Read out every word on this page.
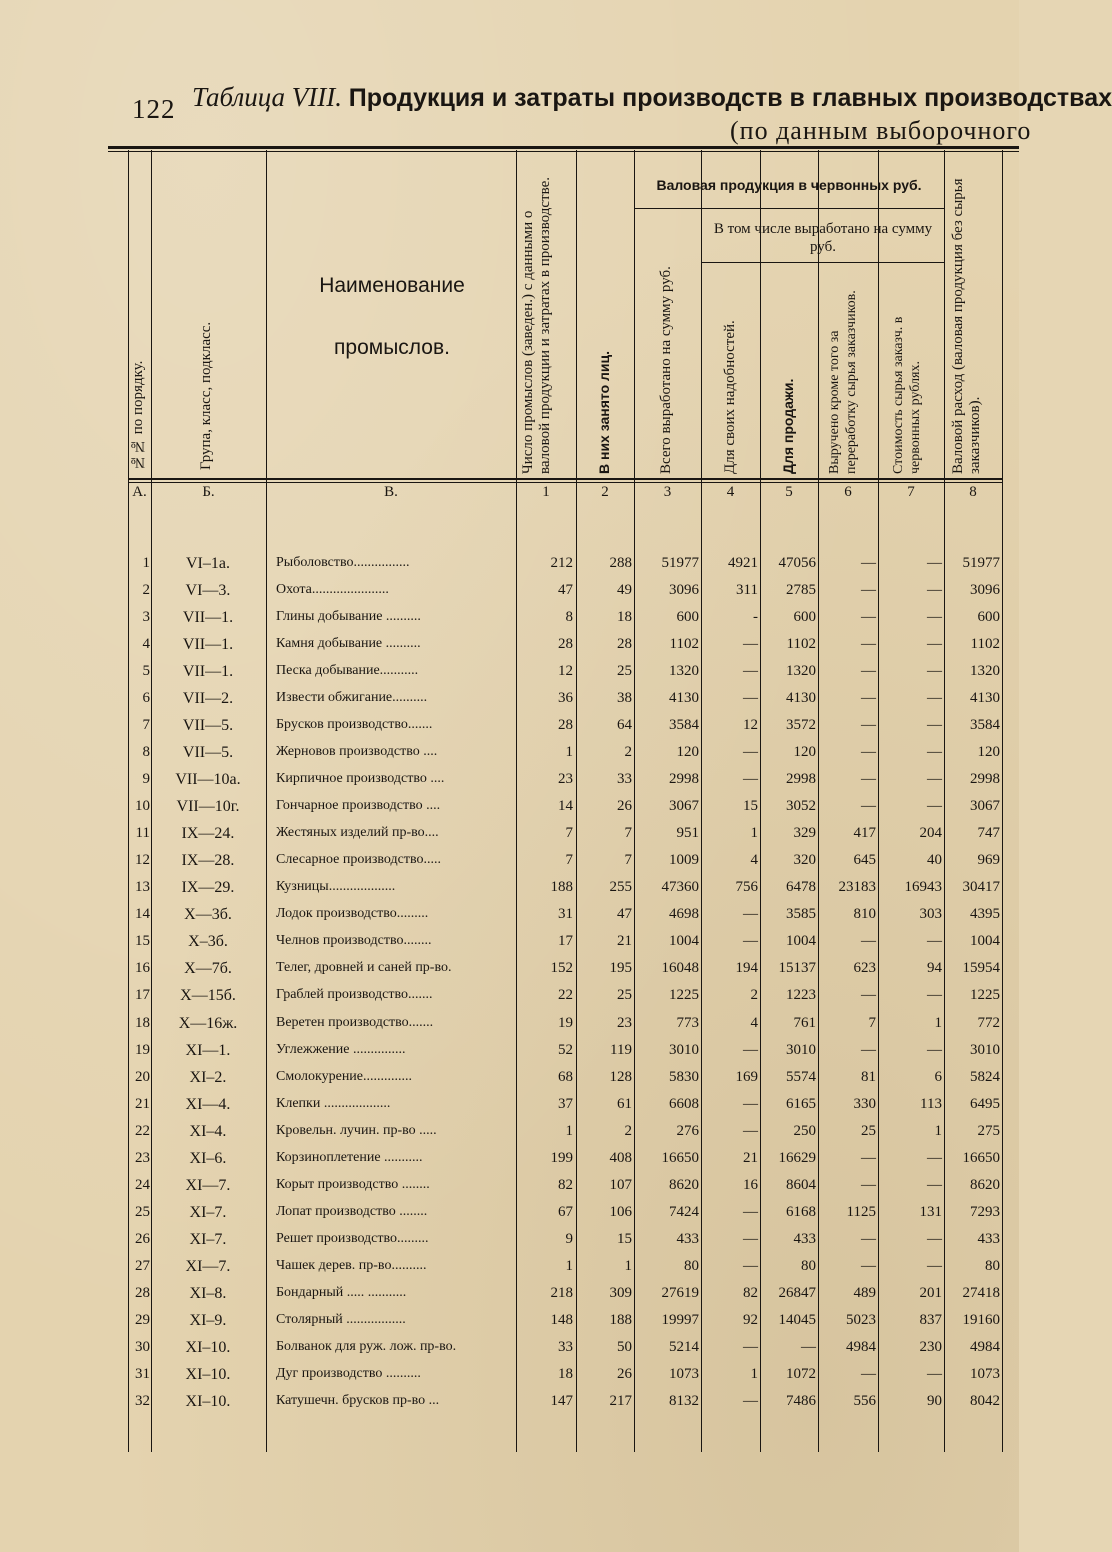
122 Таблица VIII. Продукция и затраты производств в главных производствах
(по данным выборочного
№№ по порядку.	Група, класс, подкласс.
Наименование
промыслов.	Число промыслов (заведен.) с данными о валовой продукции и затратах в производстве.	В них занято лиц.
Валовая продукция в червонных руб.
Всего выработано на сумму руб.
В том числе выработано на сумму руб.
Для своих надобностей.	Для продажи. Выручено кроме того за переработку сырья заказчиков.	Стоимость сырья заказч. в червонных рублях.	Валовой расход (валовая продукция без сырья заказчиков).
А.	Б.	В.	1	2	3	4	5	6	7	8
1	VI–1a.	Рыболовство................	212	288	51977	4921	47056	—	—	51977
2	VI—3.	Охота......................	47	49	3096	311	2785	—	—	3096
3	VII—1.	Глины добывание ..........	8	18	600	-	600	—	—	600
4	VII—1.	Камня добывание ..........	28	28	1102	—	1102	—	—	1102
5	VII—1.	Песка добывание...........	12	25	1320	—	1320	—	—	1320
6	VII—2.	Извести обжигание..........	36	38	4130	—	4130	—	—	4130
7	VII—5.	Брусков производство.......	28	64	3584	12	3572	—	—	3584
8	VII—5.	Жерновов производство ....	1	2	120	—	120	—	—	120
9	VII—10a.	Кирпичное производство ....	23	33	2998	—	2998	—	—	2998
10	VII—10г.	Гончарное производство ....	14	26	3067	15	3052	—	—	3067
11	IX—24.	Жестяных изделий пр-во....	7	7	951	1	329	417	204	747
12	IX—28.	Слесарное производство.....	7	7	1009	4	320	645	40	969
13	IX—29.	Кузницы...................	188	255	47360	756	6478	23183	16943	30417
14	X—3б.	Лодок производство.........	31	47	4698	—	3585	810	303	4395
15	X–3б.	Челнов производство........	17	21	1004	—	1004	—	—	1004
16	X—7б.	Телег, дровней и саней пр-во.	152	195	16048	194	15137	623	94	15954
17	X—15б.	Граблей производство.......	22	25	1225	2	1223	—	—	1225
18	X—16ж.	Веретен производство.......	19	23	773	4	761	7	1	772
19	XI—1.	Углежжение ...............	52	119	3010	—	3010	—	—	3010
20	XI–2.	Смолокурение..............	68	128	5830	169	5574	81	6	5824
21	XI—4.	Клепки ...................	37	61	6608	—	6165	330	113	6495
22	XI–4.	Кровельн. лучин. пр-во .....	1	2	276	—	250	25	1	275
23	XI–6.	Корзиноплетение ...........	199	408	16650	21	16629	—	—	16650
24	XI—7.	Корыт производство ........	82	107	8620	16	8604	—	—	8620
25	XI–7.	Лопат производство ........	67	106	7424	—	6168	1125	131	7293
26	XI–7.	Решет производство.........	9	15	433	—	433	—	—	433
27	XI—7.	Чашек дерев. пр-во..........	1	1	80	—	80	—	—	80
28	XI–8.	Бондарный ..... ...........	218	309	27619	82	26847	489	201	27418
29	XI–9.	Столярный .................	148	188	19997	92	14045	5023	837	19160
30	XI–10.	Болванок для руж. лож. пр-во.	33	50	5214	—	—	4984	230	4984
31	XI–10.	Дуг производство ..........	18	26	1073	1	1072	—	—	1073
32	XI–10.	Катушечн. брусков пр-во ...	147	217	8132	—	7486	556	90	8042
